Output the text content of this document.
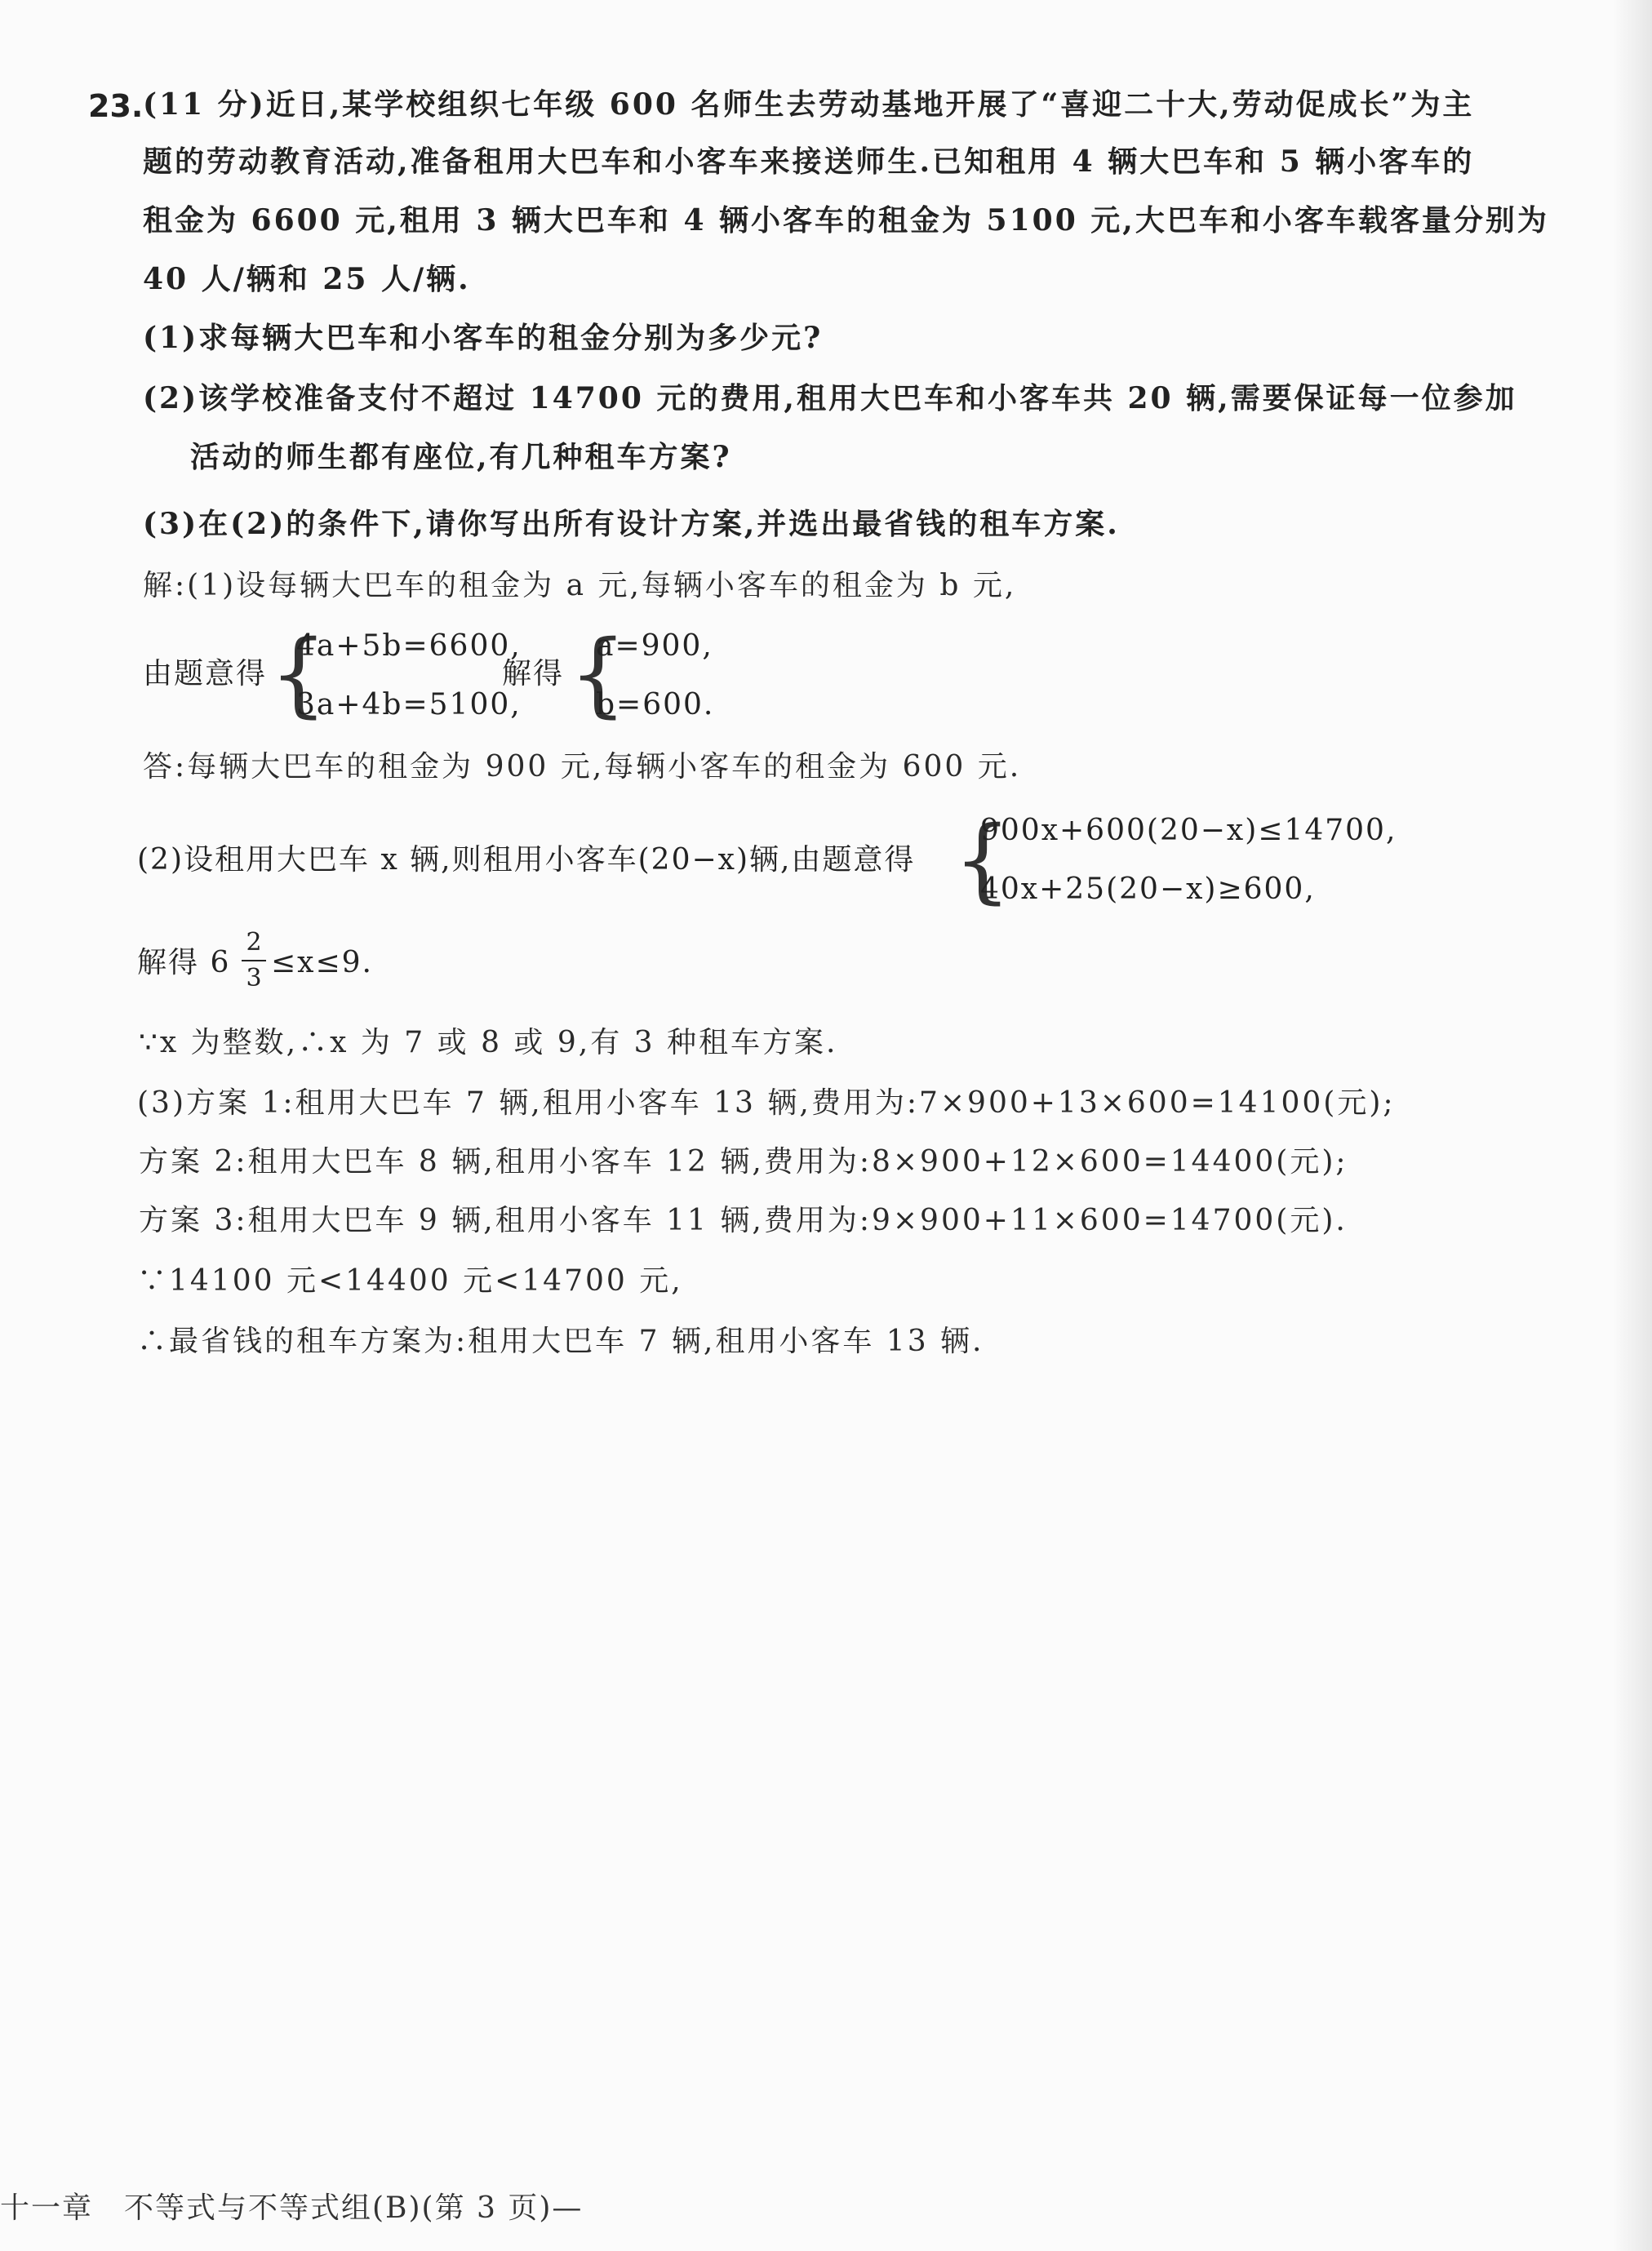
23. (11 分)近日,某学校组织七年级 600 名师生去劳动基地开展了“喜迎二十大,劳动促成长”为主
题的劳动教育活动,准备租用大巴车和小客车来接送师生.已知租用 4 辆大巴车和 5 辆小客车的
租金为 6600 元,租用 3 辆大巴车和 4 辆小客车的租金为 5100 元,大巴车和小客车载客量分别为
40 人/辆和 25 人/辆.
(1)求每辆大巴车和小客车的租金分别为多少元?
(2)该学校准备支付不超过 14700 元的费用,租用大巴车和小客车共 20 辆,需要保证每一位参加
活动的师生都有座位,有几种租车方案?
(3)在(2)的条件下,请你写出所有设计方案,并选出最省钱的租车方案.
解:(1)设每辆大巴车的租金为 a 元,每辆小客车的租金为 b 元,
由题意得 {
4a+5b=6600,
3a+4b=5100,
解得 {
a=900,
b=600.
答:每辆大巴车的租金为 900 元,每辆小客车的租金为 600 元.
(2)设租用大巴车 x 辆,则租用小客车(20−x)辆,由题意得 {
900x+600(20−x)≤14700,
40x+25(20−x)≥600,
解得 6
2
3 ≤x≤9.
∵x 为整数,∴x 为 7 或 8 或 9,有 3 种租车方案.
(3)方案 1:租用大巴车 7 辆,租用小客车 13 辆,费用为:7×900+13×600=14100(元);
方案 2:租用大巴车 8 辆,租用小客车 12 辆,费用为:8×900+12×600=14400(元);
方案 3:租用大巴车 9 辆,租用小客车 11 辆,费用为:9×900+11×600=14700(元).
∵14100 元<14400 元<14700 元,
∴最省钱的租车方案为:租用大巴车 7 辆,租用小客车 13 辆.
十一章　不等式与不等式组(B)(第 3 页)—
